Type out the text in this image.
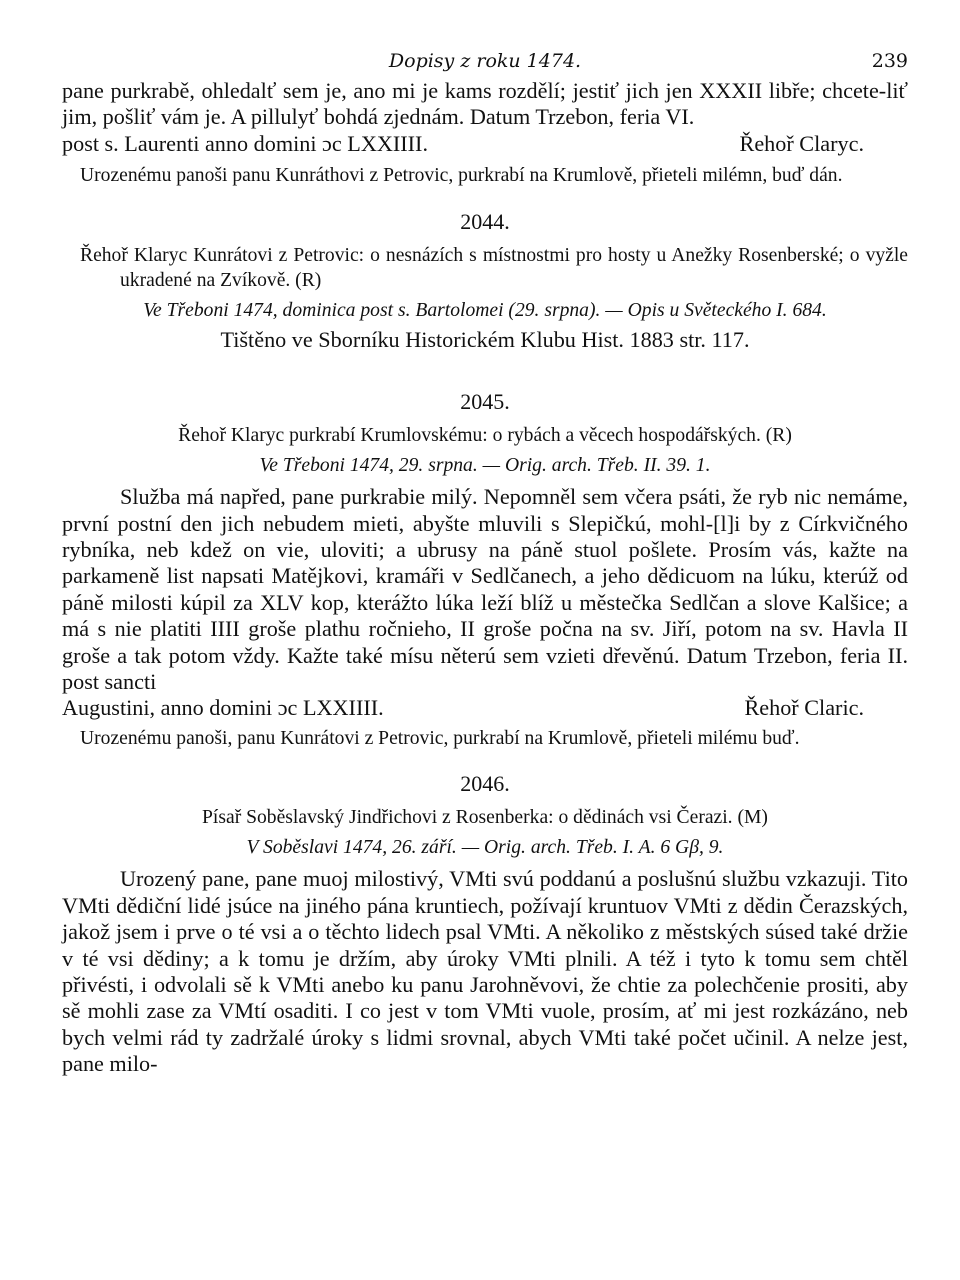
Dopisy z roku 1474.	239

pane purkrabě, ohledalť sem je, ano mi je kams rozdělí; jestiť jich jen XXXII libře; chcete-liť jim, pošliť vám je. A pillulyť bohdá zjednám. Datum Trzebon, feria VI.

post s. Laurenti anno domini ɔc LXXIIII.	Řehoř Claryc.

Urozenému panoši panu Kunráthovi z Petrovic, purkrabí na Krumlově, přieteli milémn, buď dán.

2044.

Řehoř Klaryc Kunrátovi z Petrovic: o nesnázích s místnostmi pro hosty u Anežky Rosenberské; o vyžle ukradené na Zvíkově. (R)

Ve Třeboni 1474, dominica post s. Bartolomei (29. srpna). — Opis u Světeckého I. 684.
Tištěno ve Sborníku Historickém Klubu Hist. 1883 str. 117.
2045.

Řehoř Klaryc purkrabí Krumlovskému: o rybách a věcech hospodářských. (R)

Ve Třeboni 1474, 29. srpna. — Orig. arch. Třeb. II. 39. 1.

Služba má napřed, pane purkrabie milý. Nepomněl sem včera psáti, že ryb nic nemáme, první postní den jich nebudem mieti, abyšte mluvili s Slepičkú, mohl-[l]i by z Církvičného rybníka, neb kdež on vie, uloviti; a ubrusy na páně stuol pošlete. Prosím vás, kažte na parkameně list napsati Matějkovi, kramáři v Sedlčanech, a jeho dědicuom na lúku, kterúž od páně milosti kúpil za XLV kop, kterážto lúka leží blíž u městečka Sedlčan a slove Kalšice; a má s nie platiti IIII groše plathu ročnieho, II groše počna na sv. Jiří, potom na sv. Havla II groše a tak potom vždy. Kažte také mísu něterú sem vzieti dřevěnú. Datum Trzebon, feria II. post sancti

Augustini, anno domini ɔc LXXIIII.	Řehoř Claric.

Urozenému panoši, panu Kunrátovi z Petrovic, purkrabí na Krumlově, přieteli milému buď.

2046.

Písař Soběslavský Jindřichovi z Rosenberka: o dědinách vsi Čerazi. (M)

V Soběslavi 1474, 26. září. — Orig. arch. Třeb. I. A. 6 Gβ, 9.

Urozený pane, pane muoj milostivý, VMti svú poddanú a poslušnú službu vzkazuji. Tito VMti dědiční lidé jsúce na jiného pána kruntiech, požívají kruntuov VMti z dědin Čerazských, jakož jsem i prve o té vsi a o těchto lidech psal VMti. A několiko z městských súsed také držie v té vsi dědiny; a k tomu je držím, aby úroky VMti plnili. A též i tyto k tomu sem chtěl přivésti, i odvolali sě k VMti anebo ku panu Jarohněvovi, že chtie za polechčenie prositi, aby sě mohli zase za VMtí osaditi. I co jest v tom VMti vuole, prosím, ať mi jest rozkázáno, neb bych velmi rád ty zadržalé úroky s lidmi srovnal, abych VMti také počet učinil. A nelze jest, pane milo-
